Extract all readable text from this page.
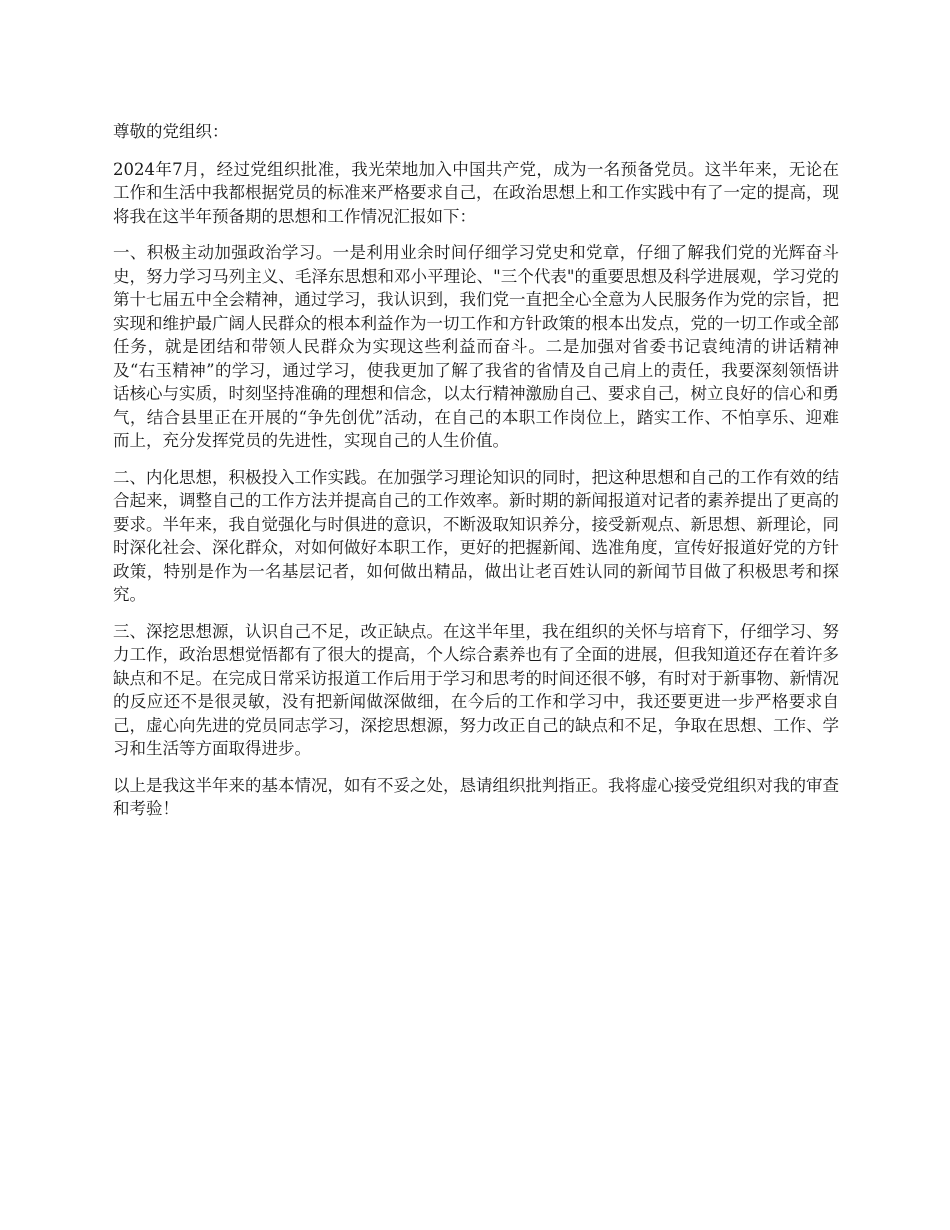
尊敬的党组织：

2024年7月，经过党组织批准，我光荣地加入中国共产党，成为一名预备党员。这半年来，无论在工作和生活中我都根据党员的标准来严格要求自己，在政治思想上和工作实践中有了一定的提高，现将我在这半年预备期的思想和工作情况汇报如下：

一、积极主动加强政治学习。一是利用业余时间仔细学习党史和党章，仔细了解我们党的光辉奋斗史，努力学习马列主义、毛泽东思想和邓小平理论、"三个代表"的重要思想及科学进展观，学习党的第十七届五中全会精神，通过学习，我认识到，我们党一直把全心全意为人民服务作为党的宗旨，把实现和维护最广阔人民群众的根本利益作为一切工作和方针政策的根本出发点，党的一切工作或全部任务，就是团结和带领人民群众为实现这些利益而奋斗。二是加强对省委书记袁纯清的讲话精神及“右玉精神”的学习，通过学习，使我更加了解了我省的省情及自己肩上的责任，我要深刻领悟讲话核心与实质，时刻坚持准确的理想和信念，以太行精神激励自己、要求自己，树立良好的信心和勇气，结合县里正在开展的“争先创优”活动，在自己的本职工作岗位上，踏实工作、不怕享乐、迎难而上，充分发挥党员的先进性，实现自己的人生价值。

二、内化思想，积极投入工作实践。在加强学习理论知识的同时，把这种思想和自己的工作有效的结合起来，调整自己的工作方法并提高自己的工作效率。新时期的新闻报道对记者的素养提出了更高的要求。半年来，我自觉强化与时俱进的意识，不断汲取知识养分，接受新观点、新思想、新理论，同时深化社会、深化群众，对如何做好本职工作，更好的把握新闻、选准角度，宣传好报道好党的方针政策，特别是作为一名基层记者，如何做出精品，做出让老百姓认同的新闻节目做了积极思考和探究。

三、深挖思想源，认识自己不足，改正缺点。在这半年里，我在组织的关怀与培育下，仔细学习、努力工作，政治思想觉悟都有了很大的提高，个人综合素养也有了全面的进展，但我知道还存在着许多缺点和不足。在完成日常采访报道工作后用于学习和思考的时间还很不够，有时对于新事物、新情况的反应还不是很灵敏，没有把新闻做深做细，在今后的工作和学习中，我还要更进一步严格要求自己，虚心向先进的党员同志学习，深挖思想源，努力改正自己的缺点和不足，争取在思想、工作、学习和生活等方面取得进步。

以上是我这半年来的基本情况，如有不妥之处，恳请组织批判指正。我将虚心接受党组织对我的审查和考验！
